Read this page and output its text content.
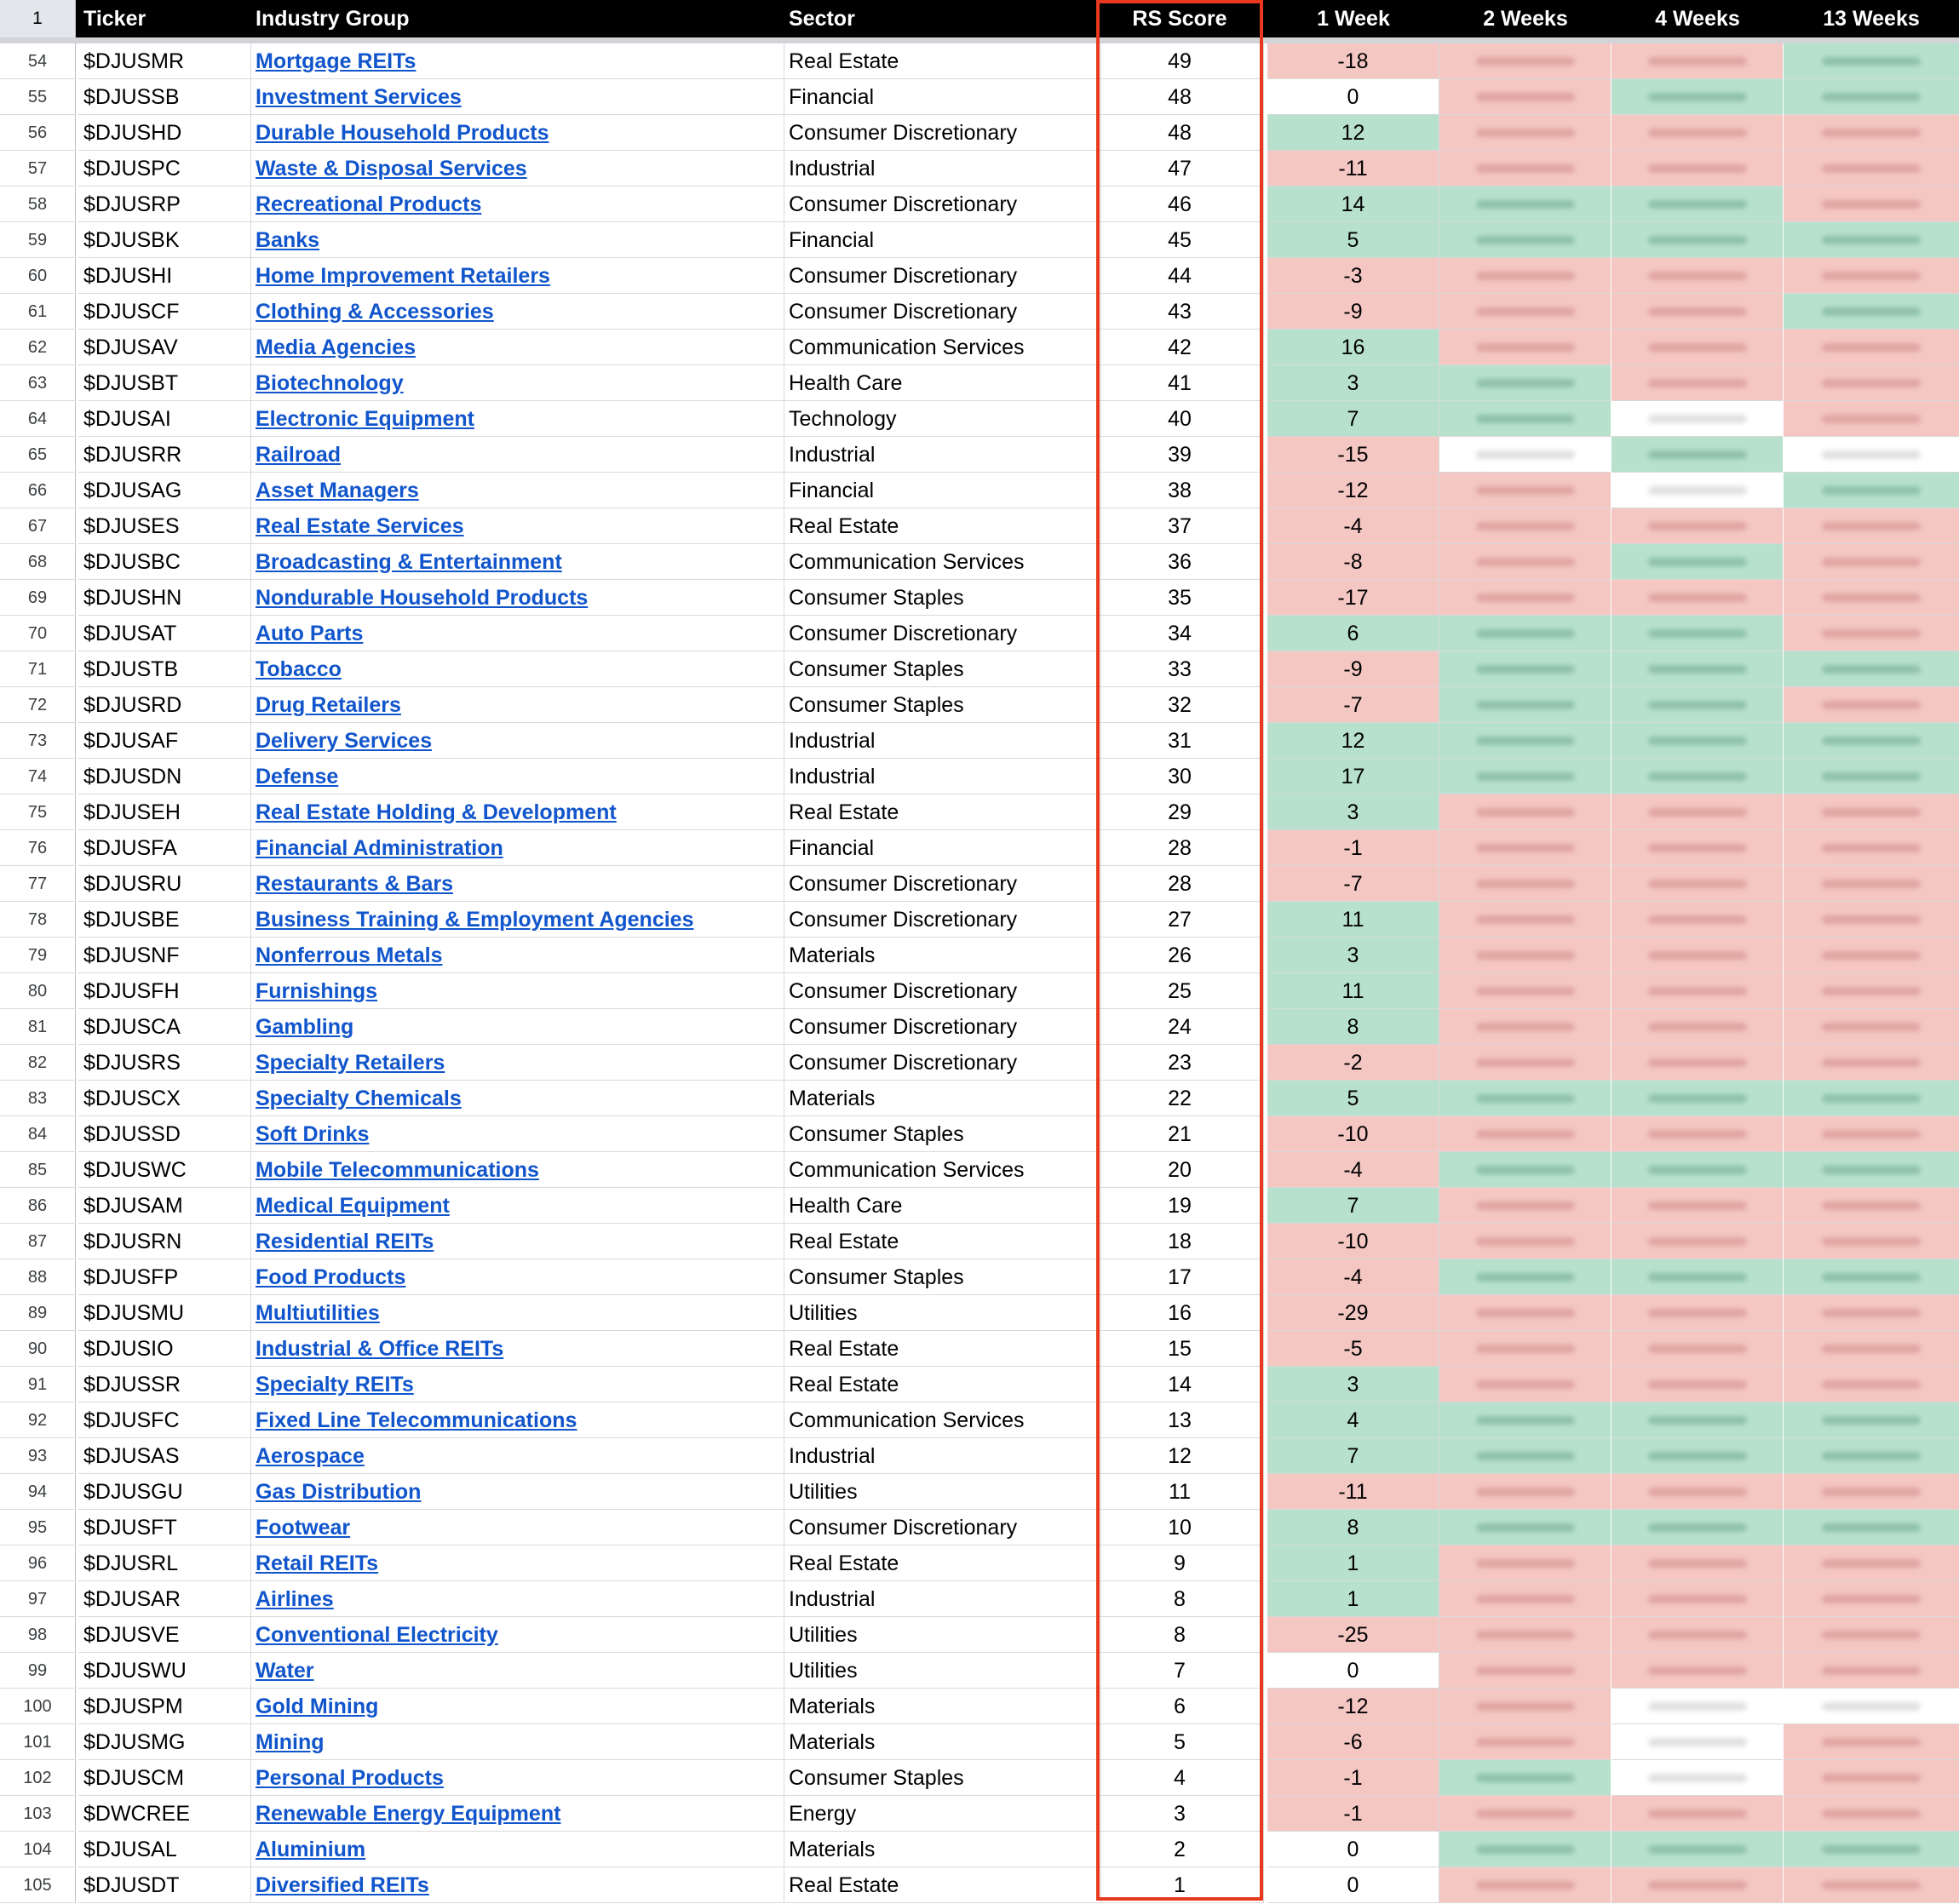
1	Ticker	Industry Group	Sector	RS Score	1 Week	2 Weeks	4 Weeks	13 Weeks
54	$DJUSMR	Mortgage REITs	Real Estate	49	-18
55	$DJUSSB	Investment Services	Financial	48	0
56	$DJUSHD	Durable Household Products	Consumer Discretionary	48	12
57	$DJUSPC	Waste & Disposal Services	Industrial	47	-11
58	$DJUSRP	Recreational Products	Consumer Discretionary	46	14
59	$DJUSBK	Banks	Financial	45	5
60	$DJUSHI	Home Improvement Retailers	Consumer Discretionary	44	-3
61	$DJUSCF	Clothing & Accessories	Consumer Discretionary	43	-9
62	$DJUSAV	Media Agencies	Communication Services	42	16
63	$DJUSBT	Biotechnology	Health Care	41	3
64	$DJUSAI	Electronic Equipment	Technology	40	7
65	$DJUSRR	Railroad	Industrial	39	-15
66	$DJUSAG	Asset Managers	Financial	38	-12
67	$DJUSES	Real Estate Services	Real Estate	37	-4
68	$DJUSBC	Broadcasting & Entertainment	Communication Services	36	-8
69	$DJUSHN	Nondurable Household Products	Consumer Staples	35	-17
70	$DJUSAT	Auto Parts	Consumer Discretionary	34	6
71	$DJUSTB	Tobacco	Consumer Staples	33	-9
72	$DJUSRD	Drug Retailers	Consumer Staples	32	-7
73	$DJUSAF	Delivery Services	Industrial	31	12
74	$DJUSDN	Defense	Industrial	30	17
75	$DJUSEH	Real Estate Holding & Development	Real Estate	29	3
76	$DJUSFA	Financial Administration	Financial	28	-1
77	$DJUSRU	Restaurants & Bars	Consumer Discretionary	28	-7
78	$DJUSBE	Business Training & Employment Agencies	Consumer Discretionary	27	11
79	$DJUSNF	Nonferrous Metals	Materials	26	3
80	$DJUSFH	Furnishings	Consumer Discretionary	25	11
81	$DJUSCA	Gambling	Consumer Discretionary	24	8
82	$DJUSRS	Specialty Retailers	Consumer Discretionary	23	-2
83	$DJUSCX	Specialty Chemicals	Materials	22	5
84	$DJUSSD	Soft Drinks	Consumer Staples	21	-10
85	$DJUSWC	Mobile Telecommunications	Communication Services	20	-4
86	$DJUSAM	Medical Equipment	Health Care	19	7
87	$DJUSRN	Residential REITs	Real Estate	18	-10
88	$DJUSFP	Food Products	Consumer Staples	17	-4
89	$DJUSMU	Multiutilities	Utilities	16	-29
90	$DJUSIO	Industrial & Office REITs	Real Estate	15	-5
91	$DJUSSR	Specialty REITs	Real Estate	14	3
92	$DJUSFC	Fixed Line Telecommunications	Communication Services	13	4
93	$DJUSAS	Aerospace	Industrial	12	7
94	$DJUSGU	Gas Distribution	Utilities	11	-11
95	$DJUSFT	Footwear	Consumer Discretionary	10	8
96	$DJUSRL	Retail REITs	Real Estate	9	1
97	$DJUSAR	Airlines	Industrial	8	1
98	$DJUSVE	Conventional Electricity	Utilities	8	-25
99	$DJUSWU	Water	Utilities	7	0
100	$DJUSPM	Gold Mining	Materials	6	-12
101	$DJUSMG	Mining	Materials	5	-6
102	$DJUSCM	Personal Products	Consumer Staples	4	-1
103	$DWCREE	Renewable Energy Equipment	Energy	3	-1
104	$DJUSAL	Aluminium	Materials	2	0
105	$DJUSDT	Diversified REITs	Real Estate	1	0
